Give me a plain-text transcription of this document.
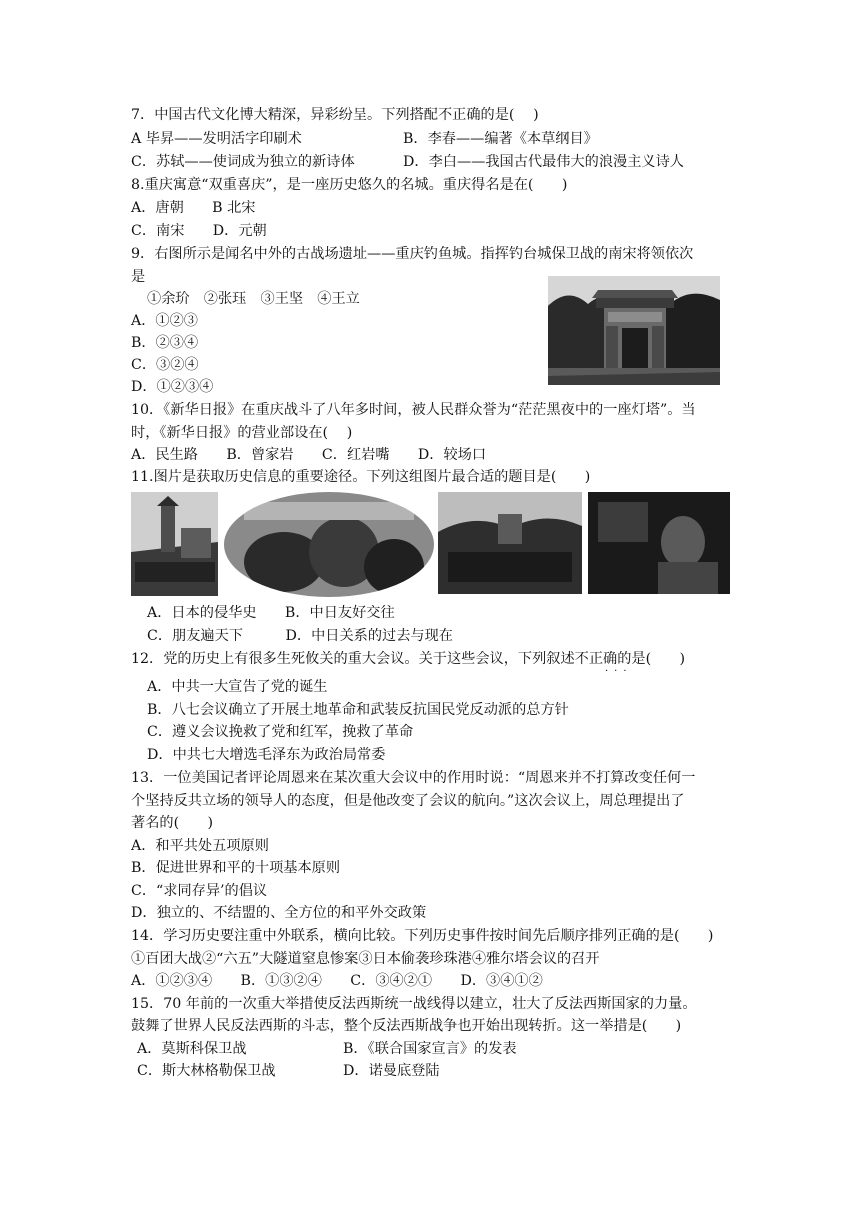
7．中国古代文化博大精深，异彩纷呈。下列搭配不正确的是(　 )
A 毕昇——发明活字印刷术	B．李春——编著《本草纲目》
C．苏轼——使词成为独立的新诗体	D．李白——我国古代最伟大的浪漫主义诗人
8.重庆寓意“双重喜庆”，是一座历史悠久的名城。重庆得名是在(　　)
A．唐朝　　B 北宋
C．南宋　　D．元朝
9．右图所示是闻名中外的古战场遗址——重庆钓鱼城。指挥钓台城保卫战的南宋将领依次
是
①余玠　②张珏　③王坚　④王立
A．①②③
B．②③④
C．③②④
D．①②③④
10．《新华日报》在重庆战斗了八年多时间，被人民群众誉为“茫茫黑夜中的一座灯塔”。当
时，《新华日报》的营业部设在(　 )
A．民生路　　B．曾家岩　　C．红岩嘴　　D．较场口
11.图片是获取历史信息的重要途径。下列这组图片最合适的题目是(　　)
A．日本的侵华史　　B．中日友好交往
C．朋友遍天下　　　D．中日关系的过去与现在
12．党的历史上有很多生死攸关的重大会议。关于这些会议，下列叙述不正确的是(　　)
···
A．中共一大宣告了党的诞生
B．八七会议确立了开展土地革命和武装反抗国民党反动派的总方针
C．遵义会议挽救了党和红军，挽救了革命
D．中共七大增选毛泽东为政治局常委
13．一位美国记者评论周恩来在某次重大会议中的作用时说：“周恩来并不打算改变任何一
个坚持反共立场的领导人的态度，但是他改变了会议的航向。”这次会议上，周总理提出了
著名的(　　)
A．和平共处五项原则
B．促进世界和平的十项基本原则
C．“求同存异’的倡议
D．独立的、不结盟的、全方位的和平外交政策
14．学习历史要注重中外联系，横向比较。下列历史事件按时间先后顺序排列正确的是(　　)
①百团大战②“六五”大隧道窒息惨案③日本偷袭珍珠港④雅尔塔会议的召开
A．①②③④　　B．①③②④　　C．③④②①　　D．③④①②
15．70 年前的一次重大举措使反法西斯统一战线得以建立，壮大了反法西斯国家的力量。
鼓舞了世界人民反法西斯的斗志，整个反法西斯战争也开始出现转折。这一举措是(　　)
A．莫斯科保卫战	B．《联合国家宣言》的发表
C．斯大林格勒保卫战	D．诺曼底登陆
